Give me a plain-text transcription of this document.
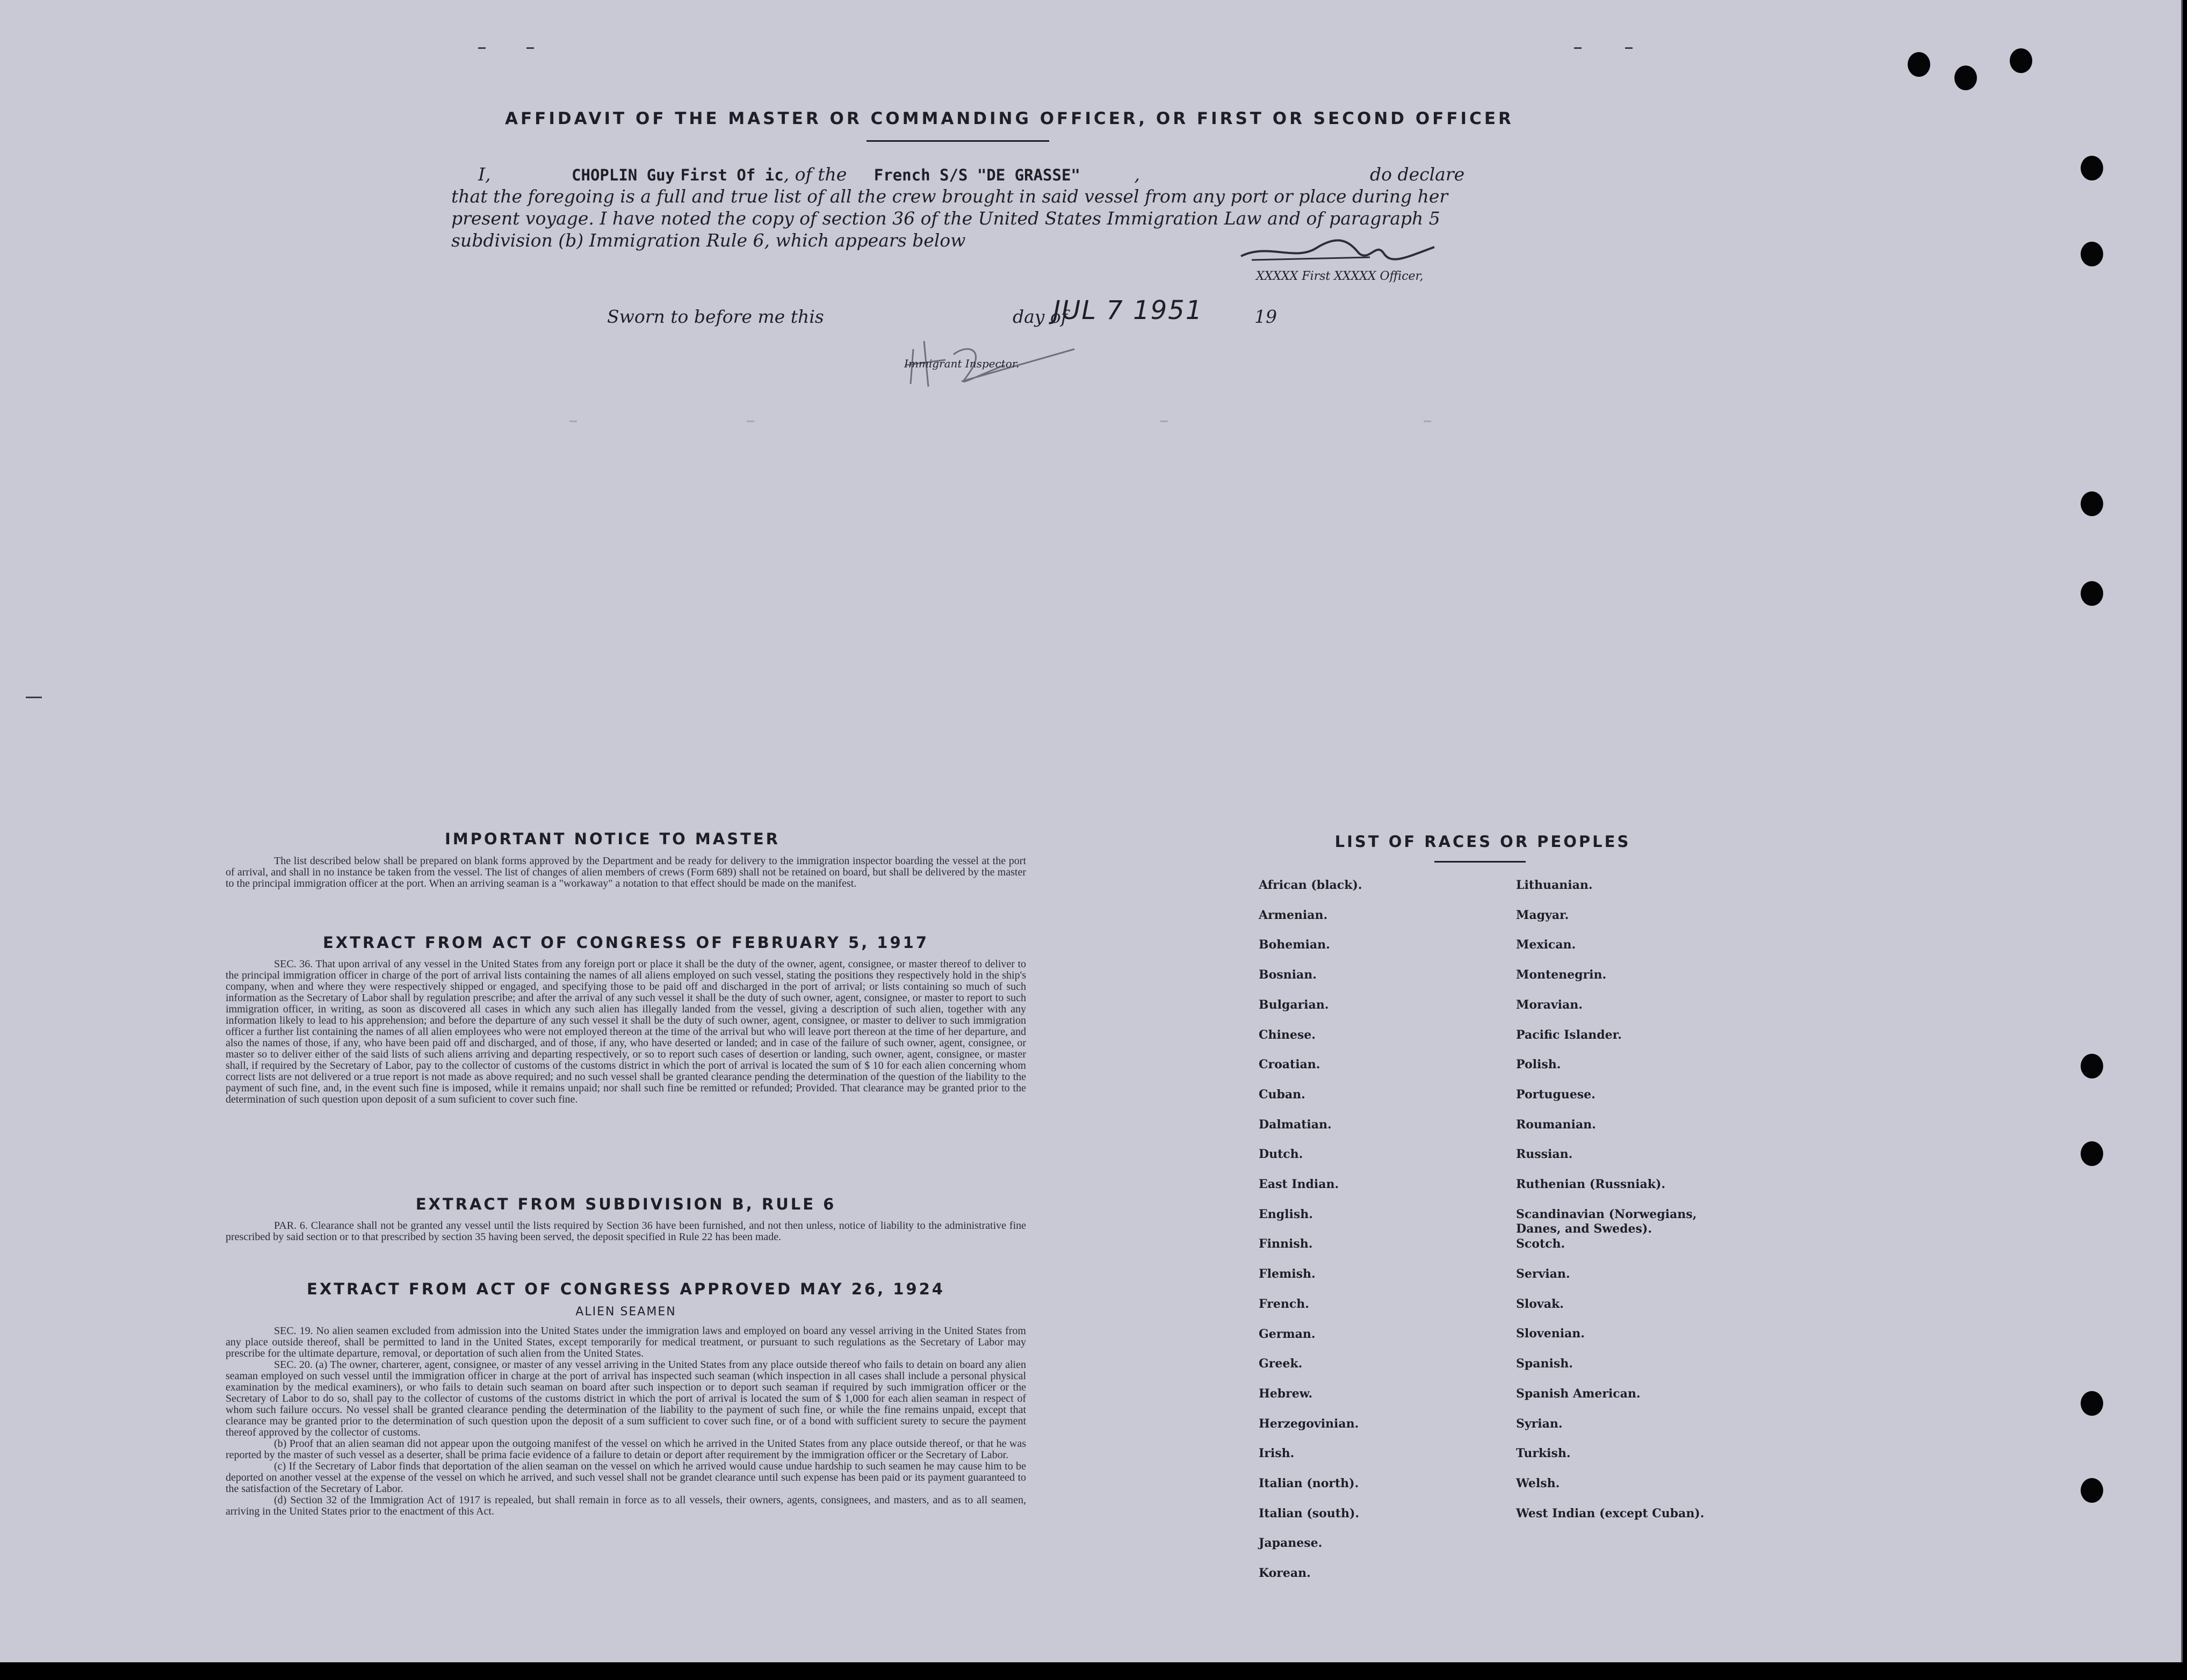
AFFIDAVIT OF THE MASTER OR COMMANDING OFFICER, OR FIRST OR SECOND OFFICER
I,	CHOPLIN Guy First Of ic, of the French S/S "DE GRASSE"	,	do declare
that the foregoing is a full and true list of all the crew brought in said vessel from any port or place during her
present voyage. I have noted the copy of section 36 of the United States Immigration Law and of paragraph 5
subdivision (b) Immigration Rule 6, which appears below
XXXXX First XXXXX Officer,
Sworn to before me this	day of
JUL 7 1951	19
Immigrant Inspector.
IMPORTANT NOTICE TO MASTER

The list described below shall be prepared on blank forms approved by the Department and be ready for delivery to the immigration inspector boarding the vessel at the port of arrival, and shall in no instance be taken from the vessel. The list of changes of alien members of crews (Form 689) shall not be retained on board, but shall be delivered by the master to the principal immigration officer at the port. When an arriving seaman is a "workaway" a notation to that effect should be made on the manifest.

EXTRACT FROM ACT OF CONGRESS OF FEBRUARY 5, 1917

SEC. 36. That upon arrival of any vessel in the United States from any foreign port or place it shall be the duty of the owner, agent, consignee, or master thereof to deliver to the principal immigration officer in charge of the port of arrival lists containing the names of all aliens employed on such vessel, stating the positions they respectively hold in the ship's company, when and where they were respectively shipped or engaged, and specifying those to be paid off and discharged in the port of arrival; or lists containing so much of such information as the Secretary of Labor shall by regulation prescribe; and after the arrival of any such vessel it shall be the duty of such owner, agent, consignee, or master to report to such immigration officer, in writing, as soon as discovered all cases in which any such alien has illegally landed from the vessel, giving a description of such alien, together with any information likely to lead to his apprehension; and before the departure of any such vessel it shall be the duty of such owner, agent, consignee, or master to deliver to such immigration officer a further list containing the names of all alien employees who were not employed thereon at the time of the arrival but who will leave port thereon at the time of her departure, and also the names of those, if any, who have been paid off and discharged, and of those, if any, who have deserted or landed; and in case of the failure of such owner, agent, consignee, or master so to deliver either of the said lists of such aliens arriving and departing respectively, or so to report such cases of desertion or landing, such owner, agent, consignee, or master shall, if required by the Secretary of Labor, pay to the collector of customs of the customs district in which the port of arrival is located the sum of $ 10 for each alien concerning whom correct lists are not delivered or a true report is not made as above required; and no such vessel shall be granted clearance pending the determination of the question of the liability to the payment of such fine, and, in the event such fine is imposed, while it remains unpaid; nor shall such fine be remitted or refunded; Provided. That clearance may be granted prior to the determination of such question upon deposit of a sum suficient to cover such fine.

EXTRACT FROM SUBDIVISION B, RULE 6

PAR. 6. Clearance shall not be granted any vessel until the lists required by Section 36 have been furnished, and not then unless, notice of liability to the administrative fine prescribed by said section or to that prescribed by section 35 having been served, the deposit specified in Rule 22 has been made.

EXTRACT FROM ACT OF CONGRESS APPROVED MAY 26, 1924
ALIEN SEAMEN

SEC. 19. No alien seamen excluded from admission into the United States under the immigration laws and employed on board any vessel arriving in the United States from any place outside thereof, shall be permitted to land in the United States, except temporarily for medical treatment, or pursuant to such regulations as the Secretary of Labor may prescribe for the ultimate departure, removal, or deportation of such alien from the United States.

SEC. 20. (a) The owner, charterer, agent, consignee, or master of any vessel arriving in the United States from any place outside thereof who fails to detain on board any alien seaman employed on such vessel until the immigration officer in charge at the port of arrival has inspected such seaman (which inspection in all cases shall include a personal physical examination by the medical examiners), or who fails to detain such seaman on board after such inspection or to deport such seaman if required by such immigration officer or the Secretary of Labor to do so, shall pay to the collector of customs of the customs district in which the port of arrival is located the sum of $ 1,000 for each alien seaman in respect of whom such failure occurs. No vessel shall be granted clearance pending the determination of the liability to the payment of such fine, or while the fine remains unpaid, except that clearance may be granted prior to the determination of such question upon the deposit of a sum sufficient to cover such fine, or of a bond with sufficient surety to secure the payment thereof approved by the collector of customs.

(b) Proof that an alien seaman did not appear upon the outgoing manifest of the vessel on which he arrived in the United States from any place outside thereof, or that he was reported by the master of such vessel as a deserter, shall be prima facie evidence of a failure to detain or deport after requirement by the immigration officer or the Secretary of Labor.

(c) If the Secretary of Labor finds that deportation of the alien seaman on the vessel on which he arrived would cause undue hardship to such seamen he may cause him to be deported on another vessel at the expense of the vessel on which he arrived, and such vessel shall not be grandet clearance until such expense has been paid or its payment guaranteed to the satisfaction of the Secretary of Labor.

(d) Section 32 of the Immigration Act of 1917 is repealed, but shall remain in force as to all vessels, their owners, agents, consignees, and masters, and as to all seamen, arriving in the United States prior to the enactment of this Act.

LIST OF RACES OR PEOPLES
African (black).
Armenian.
Bohemian.
Bosnian.
Bulgarian.
Chinese.
Croatian.
Cuban.
Dalmatian.
Dutch.
East Indian.
English.
Finnish.
Flemish.
French.
German.
Greek.
Hebrew.
Herzegovinian.
Irish.
Italian (north).
Italian (south).
Japanese.
Korean.
Lithuanian.
Magyar.
Mexican.
Montenegrin.
Moravian.
Pacific Islander.
Polish.
Portuguese.
Roumanian.
Russian.
Ruthenian (Russniak).
Scandinavian (Norwegians, Danes, and Swedes).
Scotch.
Servian.
Slovak.
Slovenian.
Spanish.
Spanish American.
Syrian.
Turkish.
Welsh.
West Indian (except Cuban).
